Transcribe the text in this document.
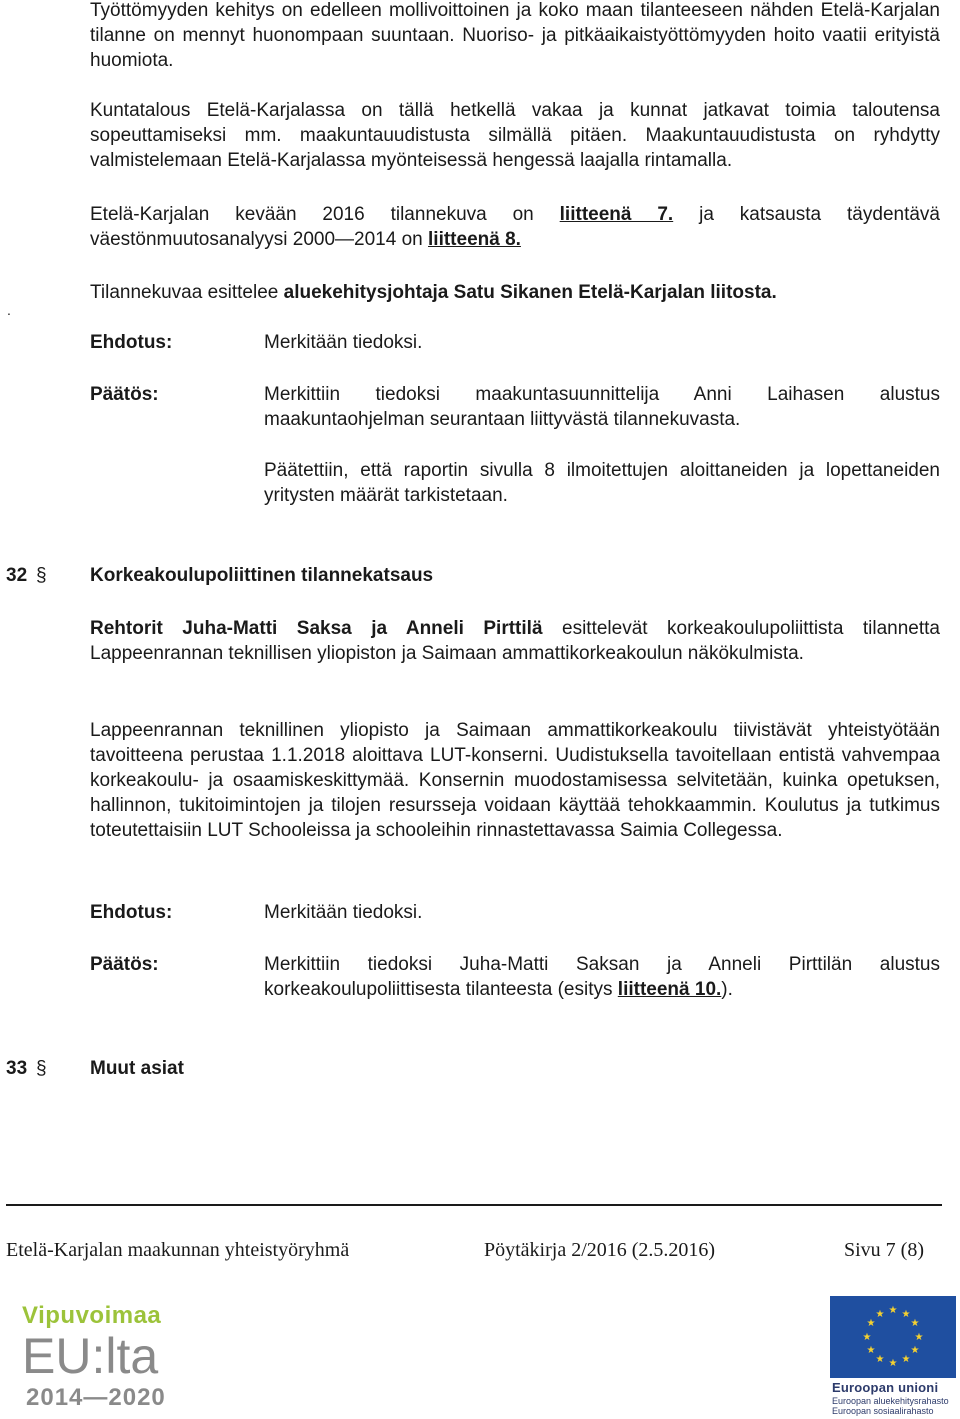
Työttömyyden kehitys on edelleen mollivoittoinen ja koko maan tilanteeseen nähden Etelä-Karjalan tilanne on mennyt huonompaan suuntaan. Nuoriso- ja pitkäaikaistyöttömyyden hoito vaatii erityistä huomiota.

Kuntatalous Etelä-Karjalassa on tällä hetkellä vakaa ja kunnat jatkavat toimia taloutensa sopeuttamiseksi mm. maakuntauudistusta silmällä pitäen. Maakuntauudistusta on ryhdytty valmistelemaan Etelä-Karjalassa myönteisessä hengessä laajalla rintamalla.

Etelä-Karjalan kevään 2016 tilannekuva on liitteenä 7. ja katsausta täydentävä väestönmuutosanalyysi 2000—2014 on liitteenä 8.

Tilannekuvaa esittelee aluekehitysjohtaja Satu Sikanen Etelä-Karjalan liitosta.

.
Ehdotus:	Merkitään tiedoksi.

Päätös:	Merkittiin tiedoksi maakuntasuunnittelija Anni Laihasen alustus maakuntaohjelman seurantaan liittyvästä tilannekuvasta.

Päätettiin, että raportin sivulla 8 ilmoitettujen aloittaneiden ja lopettaneiden yritysten määrät tarkistetaan.

32 §	Korkeakoulupoliittinen tilannekatsaus

Rehtorit Juha-Matti Saksa ja Anneli Pirttilä esittelevät korkeakoulupoliittista tilannetta Lappeenrannan teknillisen yliopiston ja Saimaan ammattikorkeakoulun näkökulmista.

Lappeenrannan teknillinen yliopisto ja Saimaan ammattikorkeakoulu tiivistävät yhteistyötään tavoitteena perustaa 1.1.2018 aloittava LUT-konserni. Uudistuksella tavoitellaan entistä vahvempaa korkeakoulu- ja osaamiskeskittymää. Konsernin muodostamisessa selvitetään, kuinka opetuksen, hallinnon, tukitoimintojen ja tilojen resursseja voidaan käyttää tehokkaammin. Koulutus ja tutkimus toteutettaisiin LUT Schooleissa ja schooleihin rinnastettavassa Saimia Collegessa.

Ehdotus:	Merkitään tiedoksi.

Päätös:	Merkittiin tiedoksi Juha-Matti Saksan ja Anneli Pirttilän alustus korkeakoulupoliittisesta tilanteesta (esitys liitteenä 10.).

33 §	Muut asiat
Etelä-Karjalan maakunnan yhteistyöryhmä	Pöytäkirja 2/2016 (2.5.2016)	Sivu 7 (8)
Vipuvoimaa
EU:lta
2014—2020
★ ★
★
★
★
★
★
★
★
★
★
★
Euroopan unioni
Euroopan aluekehitysrahasto
Euroopan sosiaalirahasto
